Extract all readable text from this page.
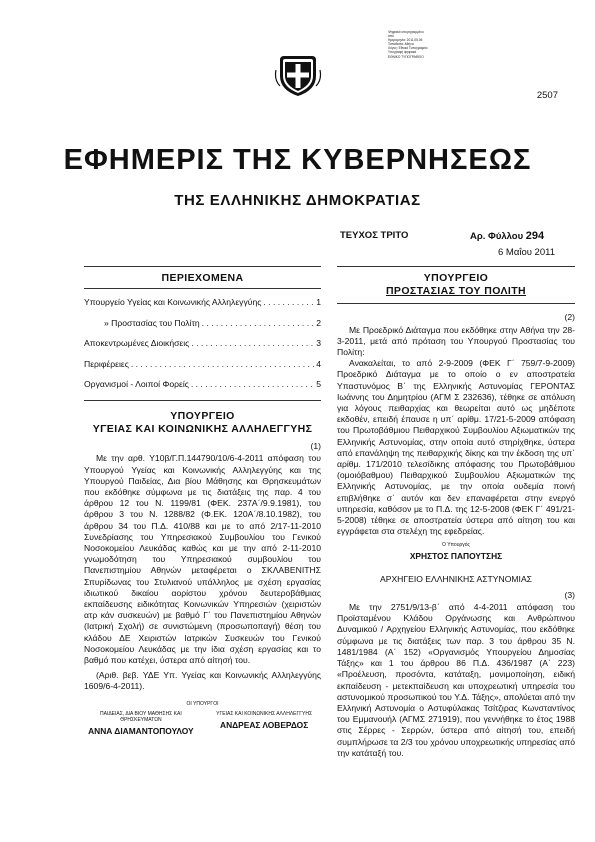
Ψηφιακά υπογεγραμμένο
από
Ημερομηνία: 2011.05.06
Τοποθεσία: Αθήνα
Λόγος: Εθνικό Τυπογραφείο
Υπογραφή ψηφιακά
ΕΘΝΙΚΟ ΤΥΠΟΓΡΑΦΕΙΟ
2507
ΕΦΗΜΕΡΙΣ ΤΗΣ ΚΥΒΕΡΝΗΣΕΩΣ
ΤΗΣ ΕΛΛΗΝΙΚΗΣ ΔΗΜΟΚΡΑΤΙΑΣ
ΤΕΥΧΟΣ ΤΡΙΤΟ	Αρ. Φύλλου 294
6 Μαΐου 2011
ΠΕΡΙΕΧΟΜΕΝΑ
Υπουργείο Υγείας και Κοινωνικής Αλληλεγγύης . . .	1
» Προστασίας του Πολίτη . . .	2
Αποκεντρωμένες Διοικήσεις . . .	3
Περιφέρειες . . .	4
Οργανισμοί - Λοιποί Φορείς . . .	5
ΥΠΟΥΡΓΕΙΟ
ΥΓΕΙΑΣ ΚΑΙ ΚΟΙΝΩΝΙΚΗΣ ΑΛΛΗΛΕΓΓΥΗΣ
(1)

Με την αρθ. Υ10β/Γ.Π.144790/10/6-4-2011 απόφαση του Υπουργού Υγείας και Κοινωνικής Αλληλεγγύης και της Υπουργού Παιδείας, Δια βίου Μάθησης και Θρησκευμάτων που εκδόθηκε σύμφωνα με τις διατάξεις της παρ. 4 του άρθρου 12 του Ν. 1199/81 (ΦΕΚ. 237Α΄/9.9.1981), του άρθρου 3 του Ν. 1288/82 (Φ.ΕΚ. 120Α΄/8.10.1982), του άρθρου 34 του Π.Δ. 410/88 και με το από 2/17-11-2010 Συνεδρίασης του Υπηρεσιακού Συμβουλίου του Γενικού Νοσοκομείου Λευκάδας καθώς και με την από 2-11-2010 γνωμοδότηση του Υπηρεσιακού συμβουλίου του Πανεπιστημίου Αθηνών μεταφέρεται ο ΣΚΛΑΒΕΝΙΤΗΣ Σπυρίδωνας του Στυλιανού υπάλληλος με σχέση εργασίας ιδιωτικού δικαίου αορίστου χρόνου δευτεροβάθμιας εκπαίδευσης ειδικότητας Κοινωνικών Υπηρεσιών (χειριστών ατρ κάν συσκευών) με βαθμό Γ΄ του Πανεπιστημίου Αθηνών (Ιατρική Σχολή) σε συνιστώμενη (προσωποπαγή) θέση του κλάδου ΔΕ Χειριστών Ιατρικών Συσκευών του Γενικού Νοσοκομείου Λευκάδας με την ίδια σχέση εργασίας και το βαθμό που κατέχει, ύστερα από αίτησή του.

(Αριθ. βεβ. ΥΔΕ Υπ. Υγείας και Κοινωνικής Αλληλεγγύης 1609/6-4-2011).

ΟΙ ΥΠΟΥΡΓΟΙ
ΠΑΙΔΕΙΑΣ, ΔΙΑ ΒΙΟΥ ΜΑΘΗΣΗΣ ΚΑΙ ΘΡΗΣΚΕΥΜΑΤΩΝ
ΑΝΝΑ ΔΙΑΜΑΝΤΟΠΟΥΛΟΥ
ΥΓΕΙΑΣ ΚΑΙ ΚΟΙΝΩΝΙΚΗΣ ΑΛΛΗΛΕΓΓΥΗΣ
ΑΝΔΡΕΑΣ ΛΟΒΕΡΔΟΣ
ΥΠΟΥΡΓΕΙΟ
ΠΡΟΣΤΑΣΙΑΣ ΤΟΥ ΠΟΛΙΤΗ
(2)

Με Προεδρικό Διάταγμα που εκδόθηκε στην Αθήνα την 28-3-2011, μετά από πρόταση του Υπουργού Προστασίας του Πολίτη:

Ανακαλείται, το από 2-9-2009 (ΦΕΚ Γ΄ 759/7-9-2009) Προεδρικό Διάταγμα με το οποίο ο εν αποστρατεία Υπαστυνόμος Β΄ της Ελληνικής Αστυνομίας ΓΕΡΟΝΤΑΣ Ιωάννης του Δημητρίου (ΑΓΜ Σ 232636), τέθηκε σε απόλυση για λόγους πειθαρχίας και θεωρείται αυτό ως μηδέποτε εκδοθέν, επειδή έπαυσε η υπ΄ αρίθμ. 17/21-5-2009 απόφαση του Πρωτοβάθμιου Πειθαρχικού Συμβουλίου Αξιωματικών της Ελληνικής Αστυνομίας, στην οποία αυτό στηρίχθηκε, ύστερα από επανάληψη της πειθαρχικής δίκης και την έκδοση της υπ΄ αρίθμ. 171/2010 τελεσίδικης απόφασης του Πρωτοβάθμιου (ομοιόβαθμου) Πειθαρχικού Συμβουλίου Αξιωματικών της Ελληνικής Αστυνομίας, με την οποία ουδεμία ποινή επιβλήθηκε σ΄ αυτόν και δεν επαναφέρεται στην ενεργό υπηρεσία, καθόσον με το Π.Δ. της 12-5-2008 (ΦΕΚ Γ΄ 491/21-5-2008) τέθηκε σε αποστρατεία ύστερα από αίτηση του και εγγράφεται στα στελέχη της εφεδρείας.

Ο Υπουργός
ΧΡΗΣΤΟΣ ΠΑΠΟΥΤΣΗΣ
ΑΡΧΗΓΕΙΟ ΕΛΛΗΝΙΚΗΣ ΑΣΤΥΝΟΜΙΑΣ
(3)

Με την 2751/9/13-β΄ από 4-4-2011 απόφαση του Προϊσταμένου Κλάδου Οργάνωσης και Ανθρώπινου Δυναμικού / Αρχηγείου Ελληνικής Αστυνομίας, που εκδόθηκε σύμφωνα με τις διατάξεις των παρ. 3 του άρθρου 35 Ν. 1481/1984 (Α΄ 152) «Οργανισμός Υπουργείου Δημοσίας Τάξης» και 1 του άρθρου 86 Π.Δ. 436/1987 (Α΄ 223) «Προέλευση, προσόντα, κατάταξη, μονιμοποίηση, ειδική εκπαίδευση - μετεκπαίδευση και υποχρεωτική υπηρεσία του αστυνομικού προσωπικού του Υ.Δ. Τάξης», απολύεται από την Ελληνική Αστυνομία ο Αστυφύλακας Τσίτζιρας Κωνσταντίνος του Εμμανουήλ (ΑΓΜΣ 271919), που γεννήθηκε το έτος 1988 στις Σέρρες - Σερρών, ύστερα από αίτησή του, επειδή συμπλήρωσε τα 2/3 του χρόνου υποχρεωτικής υπηρεσίας από την κατάταξή του.
